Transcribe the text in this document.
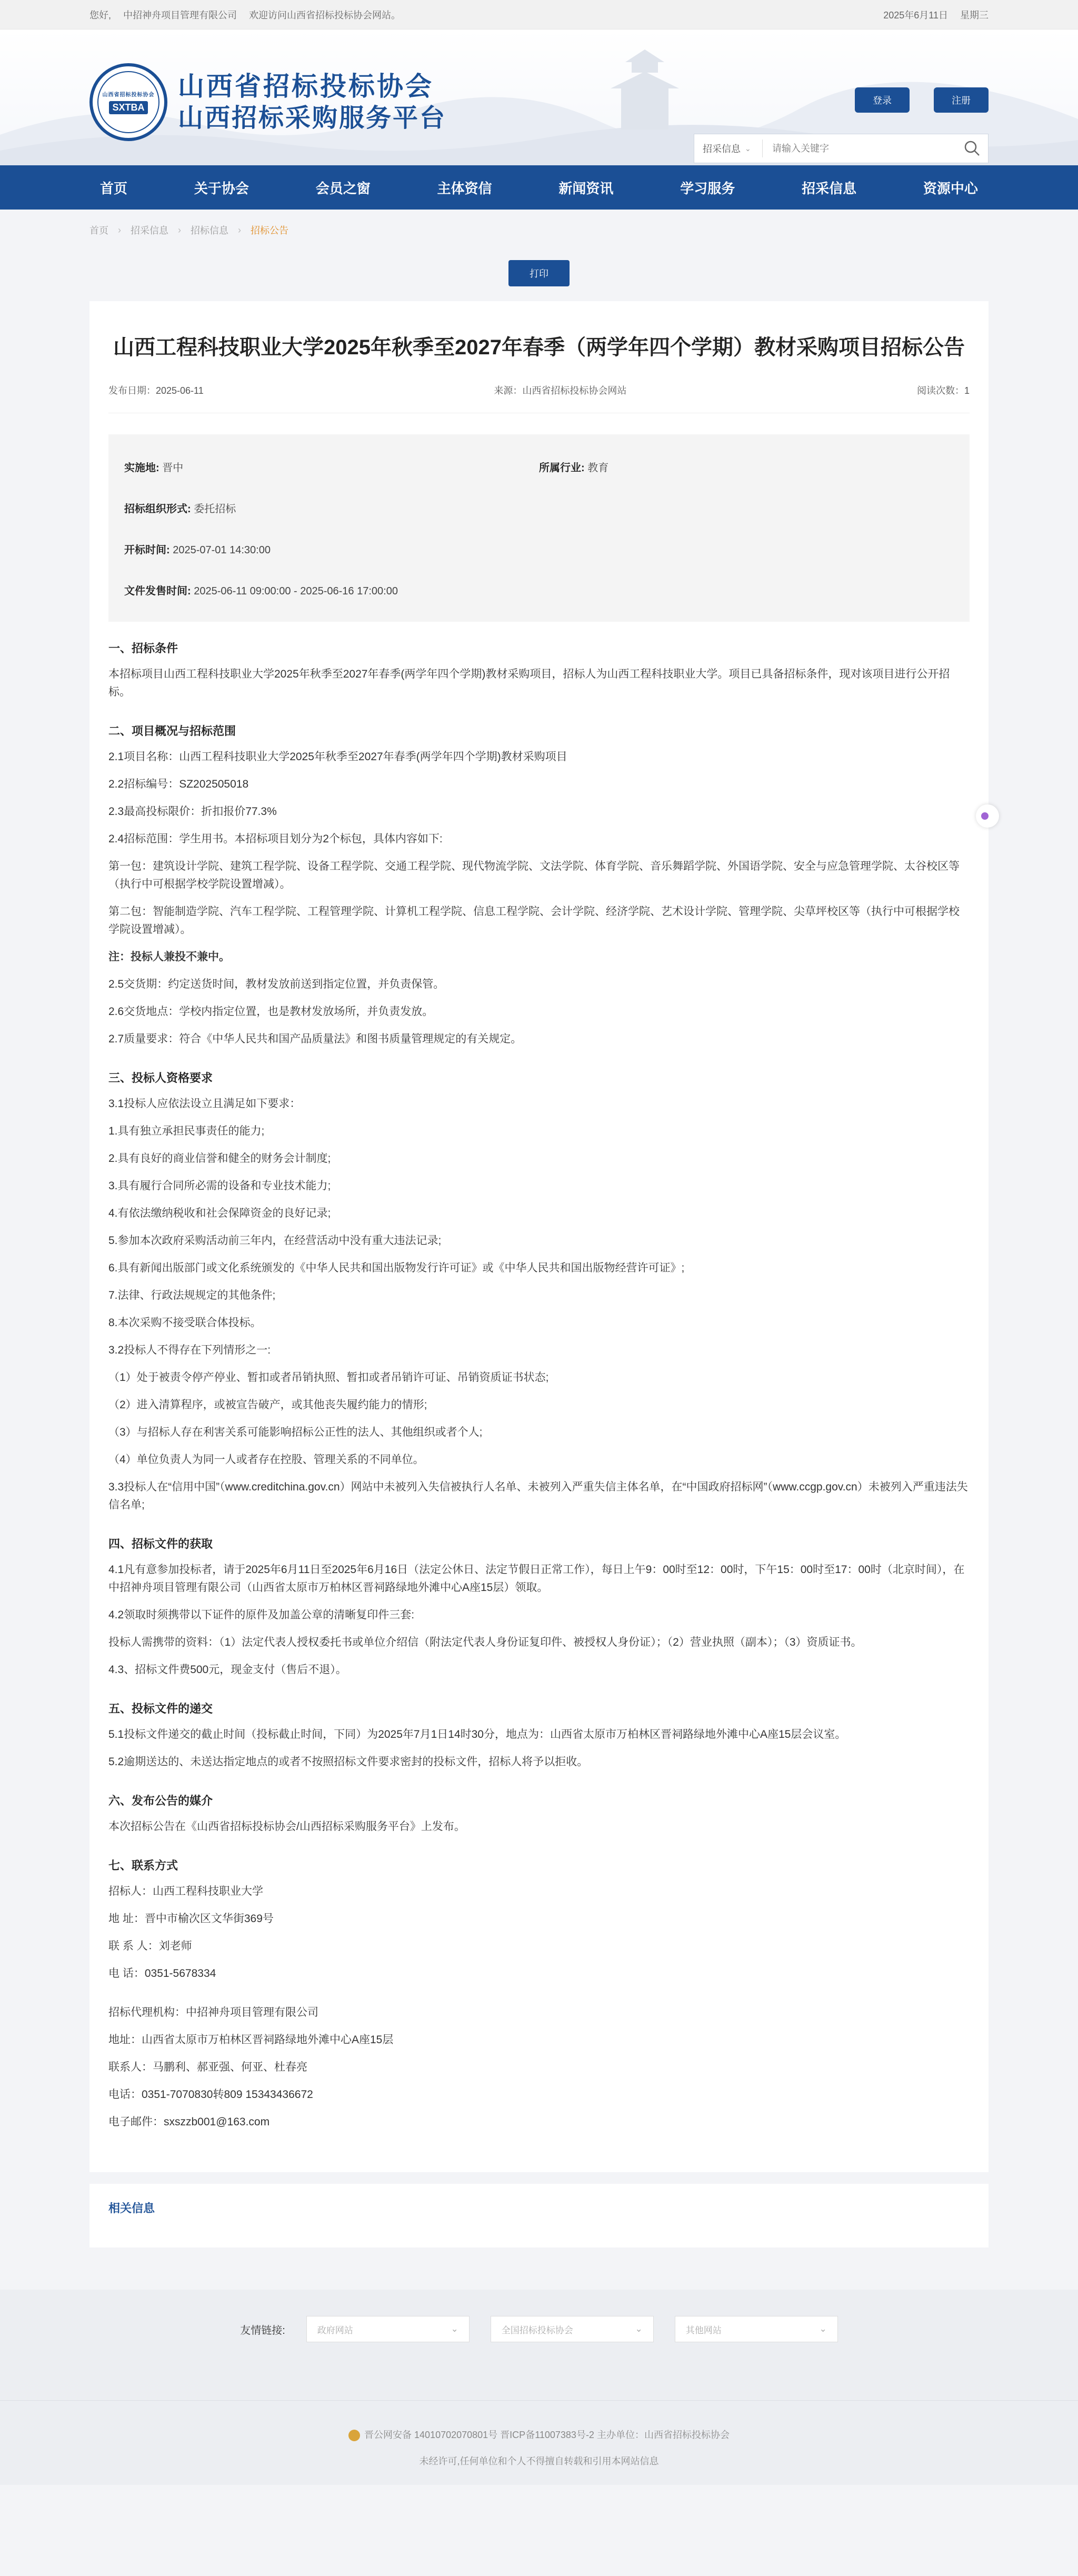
您好, 中招神舟项目管理有限公司 欢迎访问山西省招标投标协会网站。	2025年6月11日 星期三
山西省招标投标协会
SXTBA
山西省招标投标协会
山西招标采购服务平台
登录	注册
招采信息 ⌄
请输入关键字
首页	关于协会	会员之窗	主体资信	新闻资讯	学习服务	招采信息	资源中心
首页 › 招采信息 › 招标信息 › 招标公告
打印
山西工程科技职业大学2025年秋季至2027年春季（两学年四个学期）教材采购项目招标公告
发布日期：2025-06-11	来源：山西省招标投标协会网站	阅读次数：1
实施地: 晋中	所属行业: 教育
招标组织形式: 委托招标
开标时间: 2025-07-01 14:30:00
文件发售时间: 2025-06-11 09:00:00 - 2025-06-16 17:00:00
一、招标条件

本招标项目山西工程科技职业大学2025年秋季至2027年春季(两学年四个学期)教材采购项目，招标人为山西工程科技职业大学。项目已具备招标条件，现对该项目进行公开招标。

二、项目概况与招标范围

2.1项目名称：山西工程科技职业大学2025年秋季至2027年春季(两学年四个学期)教材采购项目

2.2招标编号：SZ202505018

2.3最高投标限价：折扣报价77.3%

2.4招标范围：学生用书。本招标项目划分为2个标包，具体内容如下:

第一包：建筑设计学院、建筑工程学院、设备工程学院、交通工程学院、现代物流学院、文法学院、体育学院、音乐舞蹈学院、外国语学院、安全与应急管理学院、太谷校区等（执行中可根据学校学院设置增减）。

第二包：智能制造学院、汽车工程学院、工程管理学院、计算机工程学院、信息工程学院、会计学院、经济学院、艺术设计学院、管理学院、尖草坪校区等（执行中可根据学校学院设置增减）。

注：投标人兼投不兼中。

2.5交货期：约定送货时间，教材发放前送到指定位置，并负责保管。

2.6交货地点：学校内指定位置，也是教材发放场所，并负责发放。

2.7质量要求：符合《中华人民共和国产品质量法》和图书质量管理规定的有关规定。

三、投标人资格要求

3.1投标人应依法设立且满足如下要求：

1.具有独立承担民事责任的能力;

2.具有良好的商业信誉和健全的财务会计制度;

3.具有履行合同所必需的设备和专业技术能力;

4.有依法缴纳税收和社会保障资金的良好记录;

5.参加本次政府采购活动前三年内，在经营活动中没有重大违法记录;

6.具有新闻出版部门或文化系统颁发的《中华人民共和国出版物发行许可证》或《中华人民共和国出版物经营许可证》;

7.法律、行政法规规定的其他条件;

8.本次采购不接受联合体投标。

3.2投标人不得存在下列情形之一:

（1）处于被责令停产停业、暂扣或者吊销执照、暂扣或者吊销许可证、吊销资质证书状态;

（2）进入清算程序，或被宣告破产，或其他丧失履约能力的情形;

（3）与招标人存在利害关系可能影响招标公正性的法人、其他组织或者个人;

（4）单位负责人为同一人或者存在控股、管理关系的不同单位。

3.3投标人在“信用中国”（www.creditchina.gov.cn）网站中未被列入失信被执行人名单、未被列入严重失信主体名单，在“中国政府招标网”（www.ccgp.gov.cn）未被列入严重违法失信名单;

四、招标文件的获取

4.1凡有意参加投标者，请于2025年6月11日至2025年6月16日（法定公休日、法定节假日正常工作），每日上午9：00时至12：00时，下午15：00时至17：00时（北京时间），在中招神舟项目管理有限公司（山西省太原市万柏林区晋祠路绿地外滩中心A座15层）领取。

4.2领取时须携带以下证件的原件及加盖公章的清晰复印件三套:

投标人需携带的资料：（1）法定代表人授权委托书或单位介绍信（附法定代表人身份证复印件、被授权人身份证）；（2）营业执照（副本）；（3）资质证书。

4.3、招标文件费500元，现金支付（售后不退）。

五、投标文件的递交

5.1投标文件递交的截止时间（投标截止时间，下同）为2025年7月1日14时30分，地点为：山西省太原市万柏林区晋祠路绿地外滩中心A座15层会议室。

5.2逾期送达的、未送达指定地点的或者不按照招标文件要求密封的投标文件，招标人将予以拒收。

六、发布公告的媒介

本次招标公告在《山西省招标投标协会/山西招标采购服务平台》上发布。

七、联系方式

招标人：山西工程科技职业大学

地 址：晋中市榆次区文华街369号

联 系 人：刘老师

电 话：0351-5678334

招标代理机构：中招神舟项目管理有限公司

地址：山西省太原市万柏林区晋祠路绿地外滩中心A座15层

联系人：马鹏利、郝亚强、何亚、杜春亮

电话：0351-7070830转809 15343436672

电子邮件：sxszzb001@163.com

相关信息
友情链接:	政府网站	⌄	全国招标投标协会	⌄	其他网站	⌄
晋公网安备 14010702070801号 晋ICP备11007383号-2 主办单位：山西省招标投标协会
未经许可,任何单位和个人不得擅自转载和引用本网站信息
